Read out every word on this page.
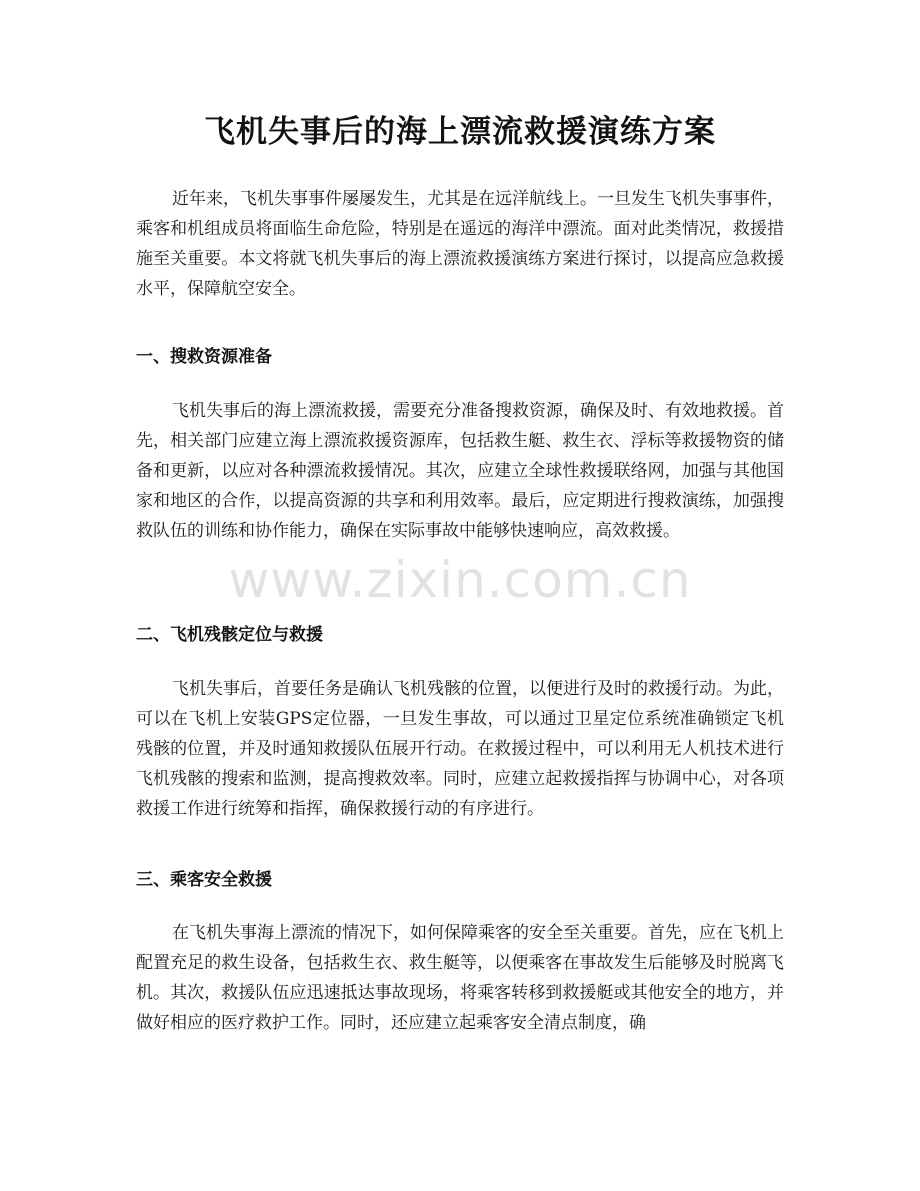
飞机失事后的海上漂流救援演练方案

近年来，飞机失事事件屡屡发生，尤其是在远洋航线上。一旦发生飞机失事事件，乘客和机组成员将面临生命危险，特别是在遥远的海洋中漂流。面对此类情况，救援措施至关重要。本文将就飞机失事后的海上漂流救援演练方案进行探讨，以提高应急救援水平，保障航空安全。

一、搜救资源准备

飞机失事后的海上漂流救援，需要充分准备搜救资源，确保及时、有效地救援。首先，相关部门应建立海上漂流救援资源库，包括救生艇、救生衣、浮标等救援物资的储备和更新，以应对各种漂流救援情况。其次，应建立全球性救援联络网，加强与其他国家和地区的合作，以提高资源的共享和利用效率。最后，应定期进行搜救演练，加强搜救队伍的训练和协作能力，确保在实际事故中能够快速响应，高效救援。

二、飞机残骸定位与救援

飞机失事后，首要任务是确认飞机残骸的位置，以便进行及时的救援行动。为此，可以在飞机上安装GPS定位器，一旦发生事故，可以通过卫星定位系统准确锁定飞机残骸的位置，并及时通知救援队伍展开行动。在救援过程中，可以利用无人机技术进行飞机残骸的搜索和监测，提高搜救效率。同时，应建立起救援指挥与协调中心，对各项救援工作进行统筹和指挥，确保救援行动的有序进行。

三、乘客安全救援

在飞机失事海上漂流的情况下，如何保障乘客的安全至关重要。首先，应在飞机上配置充足的救生设备，包括救生衣、救生艇等，以便乘客在事故发生后能够及时脱离飞机。其次，救援队伍应迅速抵达事故现场，将乘客转移到救援艇或其他安全的地方，并做好相应的医疗救护工作。同时，还应建立起乘客安全清点制度，确

www.zixin.com.cn
